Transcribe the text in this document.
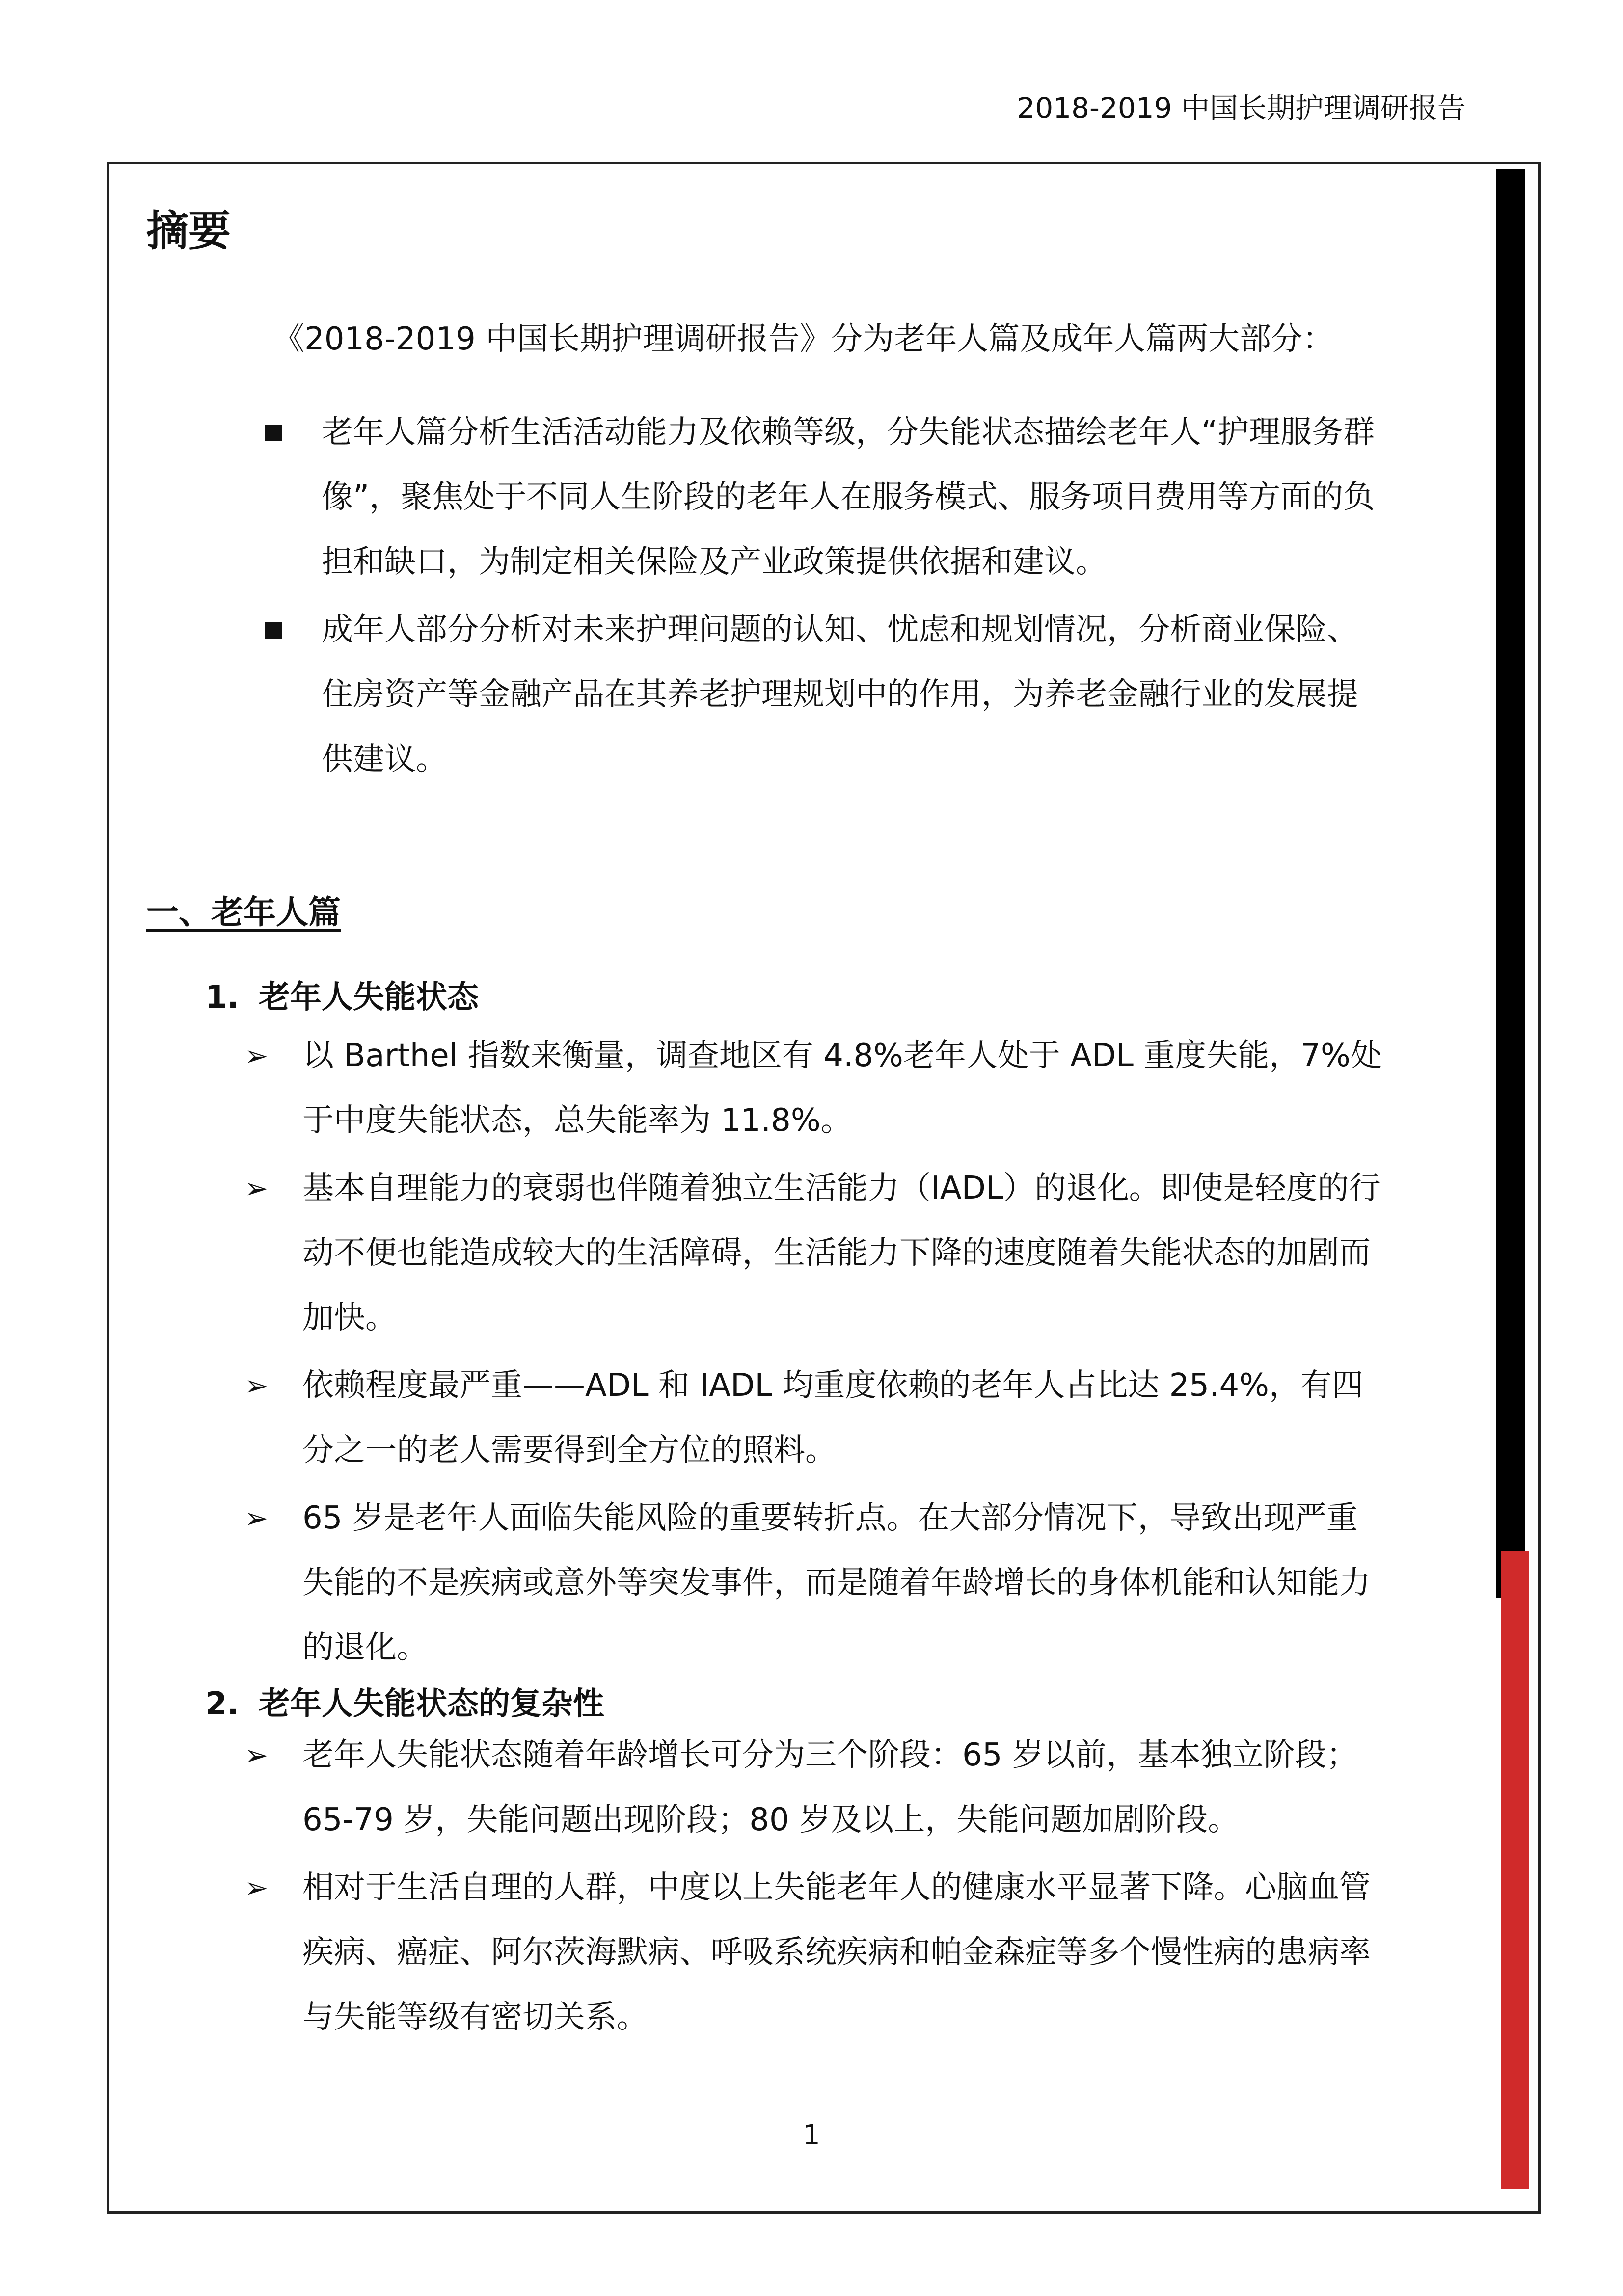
2018-2019 中国长期护理调研报告
摘要

《2018-2019 中国长期护理调研报告》分为老年人篇及成年人篇两大部分：

老年人篇分析生活活动能力及依赖等级，分失能状态描绘老年人“护理服务群像”，聚焦处于不同人生阶段的老年人在服务模式、服务项目费用等方面的负担和缺口，为制定相关保险及产业政策提供依据和建议。
成年人部分分析对未来护理问题的认知、忧虑和规划情况，分析商业保险、住房资产等金融产品在其养老护理规划中的作用，为养老金融行业的发展提供建议。
一、老年人篇
1. 老年人失能状态
➢ 以 Barthel 指数来衡量，调查地区有 4.8%老年人处于 ADL 重度失能，7%处于中度失能状态，总失能率为 11.8%。
➢ 基本自理能力的衰弱也伴随着独立生活能力（IADL）的退化。即使是轻度的行动不便也能造成较大的生活障碍，生活能力下降的速度随着失能状态的加剧而加快。
➢ 依赖程度最严重——ADL 和 IADL 均重度依赖的老年人占比达 25.4%，有四分之一的老人需要得到全方位的照料。
➢ 65 岁是老年人面临失能风险的重要转折点。在大部分情况下，导致出现严重失能的不是疾病或意外等突发事件，而是随着年龄增长的身体机能和认知能力的退化。
2. 老年人失能状态的复杂性
➢ 老年人失能状态随着年龄增长可分为三个阶段：65 岁以前，基本独立阶段；65-79 岁，失能问题出现阶段；80 岁及以上，失能问题加剧阶段。
➢ 相对于生活自理的人群，中度以上失能老年人的健康水平显著下降。心脑血管疾病、癌症、阿尔茨海默病、呼吸系统疾病和帕金森症等多个慢性病的患病率与失能等级有密切关系。
1
